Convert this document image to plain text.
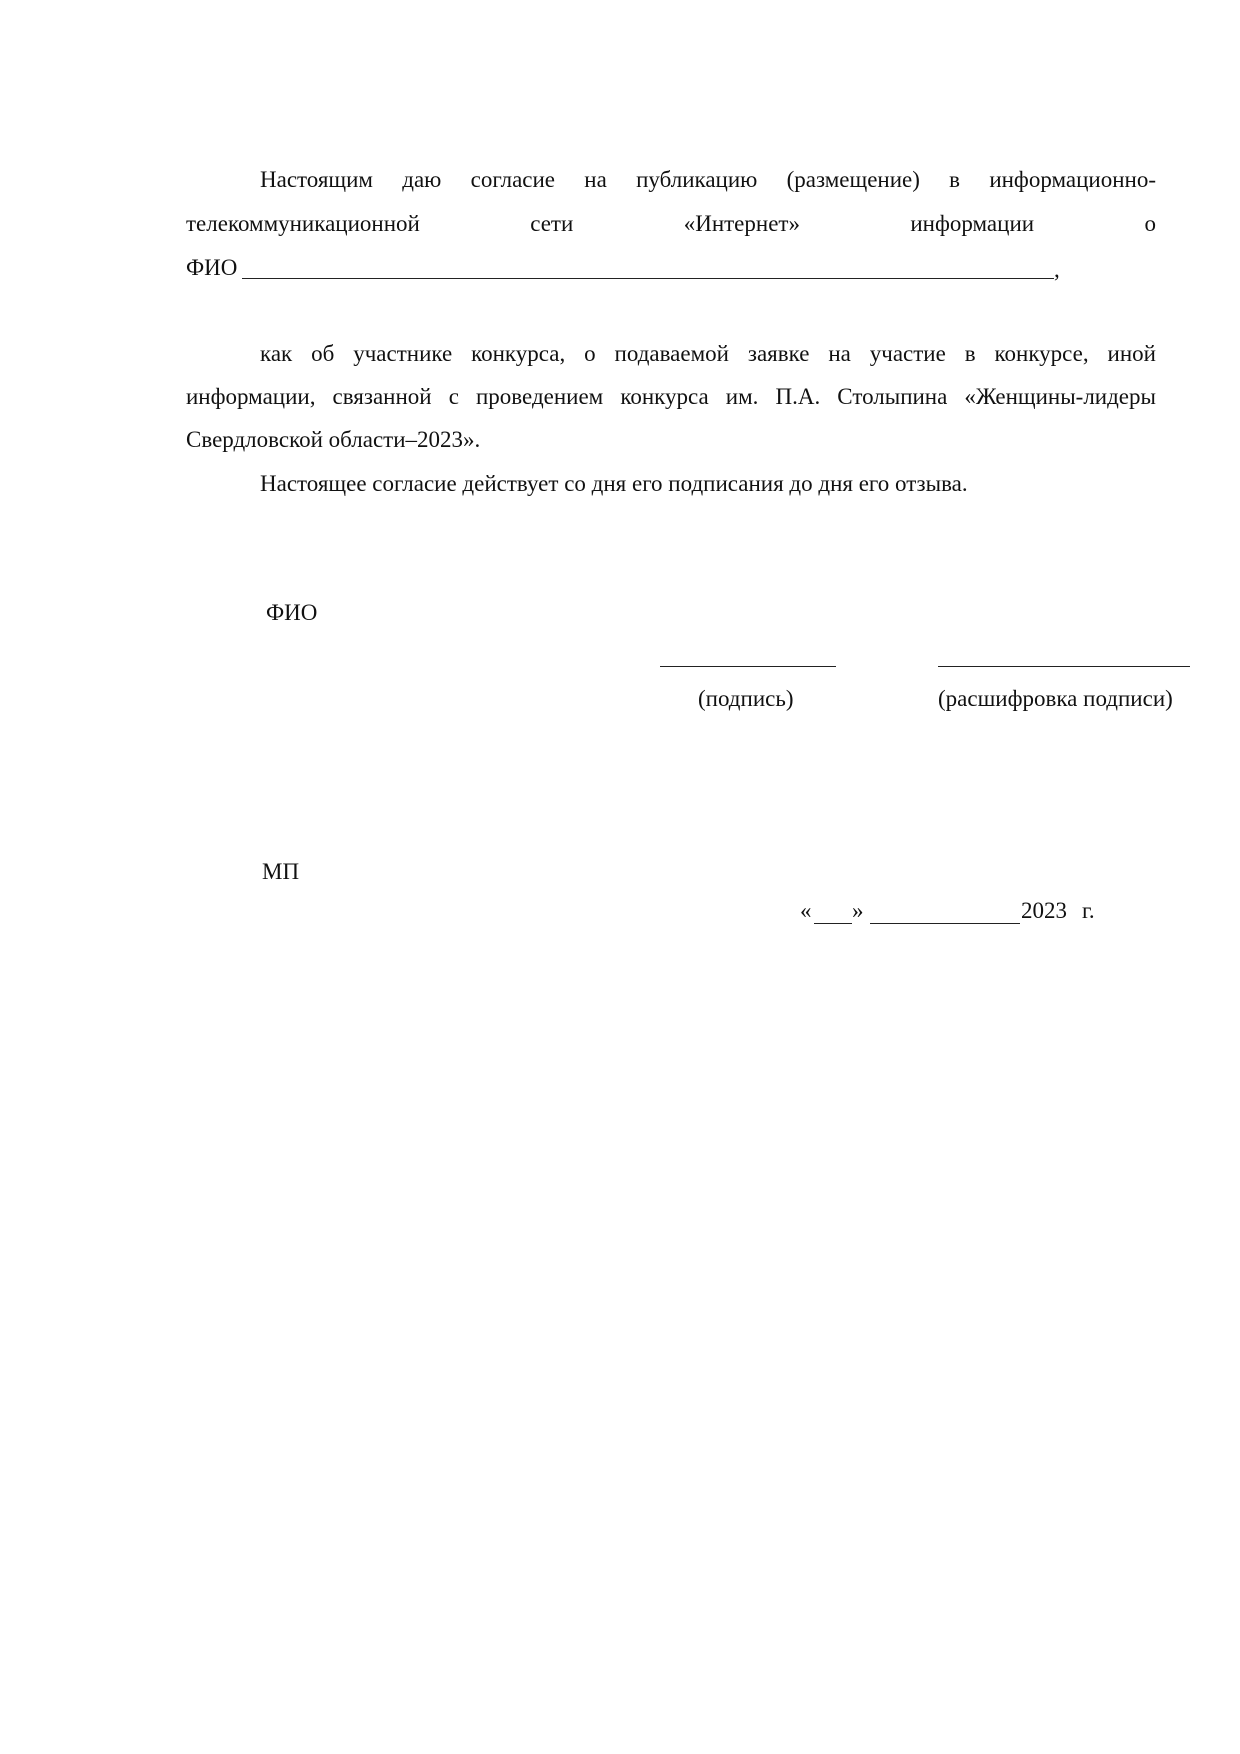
Настоящим даю согласие на публикацию (размещение) в информационно-
телекоммуникационной	сети	«Интернет»	информации	о
ФИО	,
как об участнике конкурса, о подаваемой заявке на участие в конкурсе, иной
информации, связанной с проведением конкурса им. П.А. Столыпина «Женщины-лидеры
Свердловской области–2023».
Настоящее согласие действует со дня его подписания до дня его отзыва.
ФИО
(подпись)	(расшифровка подписи)
МП
« »	2023 г.
